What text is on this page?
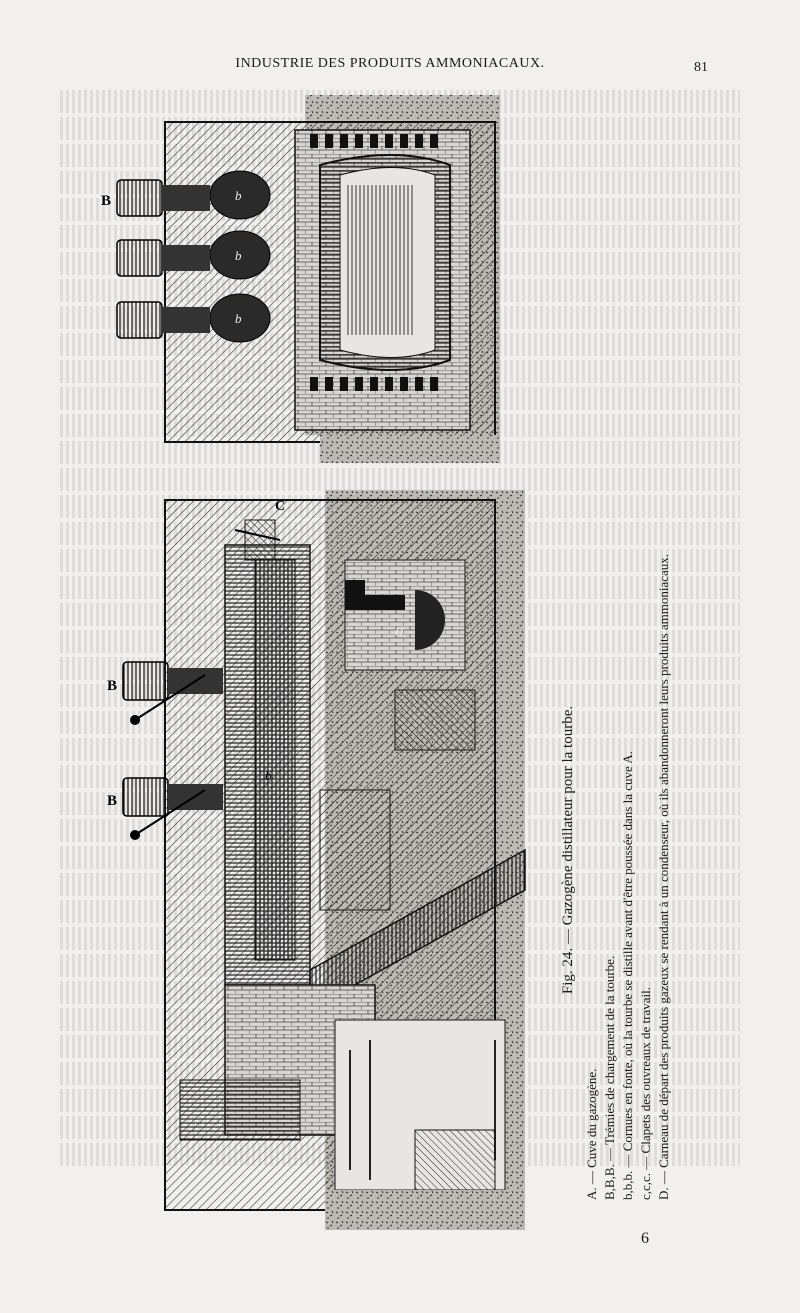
INDUSTRIE DES PRODUITS AMMONIACAUX.	81
b
b
b
B
b
B
B
C
D
Fig. 24. — Gazogène distillateur pour la tourbe.
A. — Cuve du gazogène. B,B,B. — Trémies de chargement de la tourbe. b,b,b. — Cornues en fonte, où la tourbe se distille avant d'être poussée dans la cuve A. c,c,c. — Clapets des ouvreaux de travail. D. — Carneau de départ des produits gazeux se rendant à un condenseur, où ils abandonneront leurs produits ammoniacaux.
6
